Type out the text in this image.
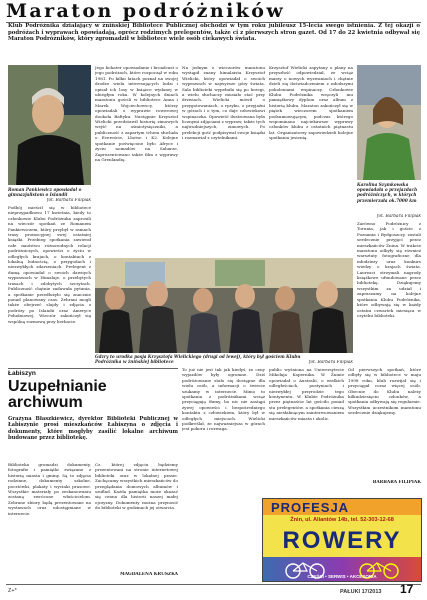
Maraton podróżników
Klub Podróżnika działający w żnińskiej Bibliotece Publicznej obchodzi w tym roku jubileusz 15-lecia swego istnienia. Z tej okazji o podróżach i wyprawach opowiadają, oprócz rodzimych prelegentów, także ci z pierwszych stron gazet. Od 17 do 22 kwietnia odbywał się Maraton Podróżników, który zgromadził w bibliotece wiele osób ciekawych świata.
Roman Pankiewicz opowiadał o gimnazjalistom o Islandii
fot. Barbara Filipiak
Podbój mieścił się w bibliotece nieprzypadkowo 17 kwietnia, kiedy to członkowie Klubu Podróżnika zaprosili na wieczór spotkań ze Romanem Pankiewiczem, który przybył w ramach trasy promocyjnej swej ostatniej książki. Przebieg spotkania zawierał całe mnóstwo różnorodnych relacji podróżniczych, opowieści o życiu w odległych krajach, o kontaktach z lokalną ludnością, o przygodach i niezwykłych zdarzeniach. Prelegent z dumą opowiadał o swoich dawnych wyprawach w Himalaje, o przebytych trasach i zdobytych szczytach. Publiczność chętnie zadawała pytania, a spotkanie przedłużyło się znacznie ponad planowany czas. Zebrani mogli także obejrzeć slajdy i zdjęcia z podróży po Islandii oraz Ameryce Południowej. Wieczór zakończył się wspólną rozmową przy herbacie.
Jego bohater opowiadanie i broadcast o jego podróżach, które rozpoczął w roku 1981. Po kilku latach poznał na swojej drodze wielu interesujących ludzi i opisał ich losy w książce wydanej w ubiegłym roku. W kolejnych dniach maratonu gościli w bibliotece Anna i Marek Wojciechowscy, którzy opowiadali o wyprawie rowerowej dookoła Bałtyku. Następnie Krzysztof Wielicki przedstawił historię zimowych wejść na ośmiotysięczniki, a publiczność z zapartym tchem słuchała o Evereście, Lhotse i K2. Kolejne spotkanie poświęcone było Afryce i życiu nomadów na Saharze. Zaprezentowano także film z wyprawy na Grenlandię.
Na jednym z wieczorów maratonu wystąpił znany himalaista Krzysztof Wielicki, który opowiadał o swoich wyprawach w najwyższe góry świata. Sala biblioteki wypełniła się po brzegi, a wielu słuchaczy musiało stać przy drzwiach. Wielicki mówił o przygotowaniach, o ryzyku, o przyjaźni w górach i o tym, co daje człowiekowi wspinaczka. Opowieść ilustrowana była licznymi zdjęciami z wypraw, także tych najtrudniejszych, zimowych. Po prelekcji gość podpisywał swoje książki i rozmawiał z czytelnikami.
Krzysztof Wielicki zapytany o plany na przyszłość odpowiedział, że wciąż marzy o nowych wyzwaniach i chętnie dzieli się doświadczeniem z młodszymi pokoleniami wspinaczy. Członkowie Klubu Podróżnika wręczyli mu pamiątkowy dyplom oraz album z historią klubu. Maraton zakończył się w piątek wieczorem spotkaniem podsumowującym, podczas którego wspominano najciekawsze wyprawy członków klubu z ostatnich piętnastu lat. Organizatorzy zapowiedzieli kolejne spotkania jesienią.
Karolina Szymkowska opowiadała o przejazdach podróżniczych, w których przemierzała ok.7000 km
fot. Barbara Filipiak
Zarówno Podróżnicy z Torunia, jak i goście z Poznania i Bydgoszczy, zostali serdecznie przyjęci przez mieszkańców Żnina. W trakcie maratonu odbyły się również warsztaty fotograficzne dla młodzieży oraz konkurs wiedzy o krajach świata. Laureaci otrzymali nagrody książkowe ufundowane przez bibliotekę. Dziękujemy wszystkim za udział i zapraszamy na kolejne spotkania Klubu Podróżnika, które odbywają się w każdy ostatni czwartek miesiąca w czytelni biblioteki.
Gdzry to urodka pasja Krzysztofa Wielickiego (drugi od lewej), który był gościem Klubu Podróżnika w żnińskiej bibliotece	fot. Barbara Filipiak
To już nie jest tak jak kiedyś, że ceny wyjazdów były ogromne. Dziś podróżowanie stało się dostępne dla wielu osób, a informacji o świecie szukamy w internecie. Mimo to spotkania z podróżnikami wciąż przyciągają tłumy, bo nic nie zastąpi żywej opowieści i bezpośredniego kontaktu z człowiekiem, który był w odległych miejscach. Wielicki podkreślał, że najważniejsza w górach jest pokora i rozwaga.
public wyśniona na Uniwersytecie Mikołaja Kopernika. W Żninie opowiadał o Australii, o wielkich odległościach, pustyniach i niezwykłej przyrodzie tego kontynentu. W Klubie Podróżnika przez piętnaście lat gościło ponad stu prelegentów, a spotkania cieszą się niesłabnącym zainteresowaniem mieszkańców miasta i okolic.
Od pierwszych spotkań, które odbyły się w bibliotece w maju 1998 roku, klub rozwijał się i przyciągał coraz więcej osób. Obecnie do Klubu należy kilkudziesięciu członków, a spotkania odbywają się regularnie. Wszystkim uczestnikom maratonu serdecznie dziękujemy.
BARBARA FILIPIAK
Łabiszyn
Uzupełnianie archiwum
Grażyna Błaszkiewicz, dyrektor Biblioteki Publicznej w Łabiszynie prosi mieszkańców Łabiszyna o zdjęcia i dokumenty, które mogłyby zasilić lokalne archiwum budowane przez bibliotekę.
Biblioteka gromadzi dokumenty, fotografie i pamiątki związane z historią miasta i gminy. Są to zdjęcia rodzinne, dokumenty szkolne, pocztówki, plakaty i wycinki prasowe. Wszystkie materiały po zeskanowaniu zostaną zwrócone właścicielom. Zebrane zbiory będą prezentowane na wystawach oraz udostępniane w internecie.
Cz. której zdjęciu będziemy prezentowani na stronie internetowej biblioteki oraz w lokalnej prasie. Zachęcamy wszystkich mieszkańców do przeglądania domowych albumów i szuflad. Każda pamiątka może okazać się cenna dla historii naszej małej ojczyzny. Dokumenty można przynosić do biblioteki w godzinach jej otwarcia.
MAGDALENA KRUSZKA
PROFESJA
Żnin, ul. Aliantów 14b, tel. 52-303-12-68
ROWERY
CZĘŚCI • SERWIS • AKCESORIA
Z+*	PAŁUKI 17/2013 17
